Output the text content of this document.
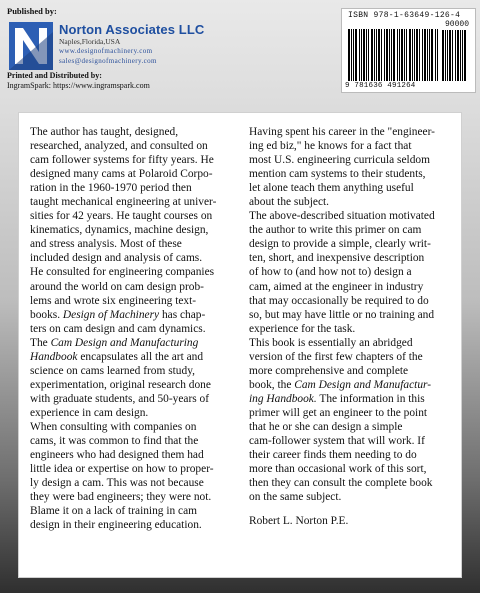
Published by:
Norton Associates LLC
Naples,Florida,USA
www.designofmachinery.com
sales@designofmachinery.com
Printed and Distributed by:
IngramSpark: https://www.ingramspark.com
ISBN 978-1-63649-126-4
90000
9 781636 491264
The author has taught, designed,
researched, analyzed, and consulted on
cam follower systems for fifty years. He
designed many cams at Polaroid Corpo-
ration in the 1960-1970 period then
taught mechanical engineering at univer-
sities for 42 years. He taught courses on
kinematics, dynamics, machine design,
and stress analysis. Most of these
included design and analysis of cams.
He consulted for engineering companies
around the world on cam design prob-
lems and wrote six engineering text-
books. Design of Machinery has chap-
ters on cam design and cam dynamics.
The Cam Design and Manufacturing
Handbook encapsulates all the art and
science on cams learned from study,
experimentation, original research done
with graduate students, and 50-years of
experience in cam design.
When consulting with companies on
cams, it was common to find that the
engineers who had designed them had
little idea or expertise on how to proper-
ly design a cam. This was not because
they were bad engineers; they were not.
Blame it on a lack of training in cam
design in their engineering education.
Having spent his career in the "engineer-
ing ed biz," he knows for a fact that
most U.S. engineering curricula seldom
mention cam systems to their students,
let alone teach them anything useful
about the subject.
The above-described situation motivated
the author to write this primer on cam
design to provide a simple, clearly writ-
ten, short, and inexpensive description
of how to (and how not to) design a
cam, aimed at the engineer in industry
that may occasionally be required to do
so, but may have little or no training and
experience for the task.
This book is essentially an abridged
version of the first few chapters of the
more comprehensive and complete
book, the Cam Design and Manufactur-
ing Handbook. The information in this
primer will get an engineer to the point
that he or she can design a simple
cam-follower system that will work. If
their career finds them needing to do
more than occasional work of this sort,
then they can consult the complete book
on the same subject.
Robert L. Norton P.E.
